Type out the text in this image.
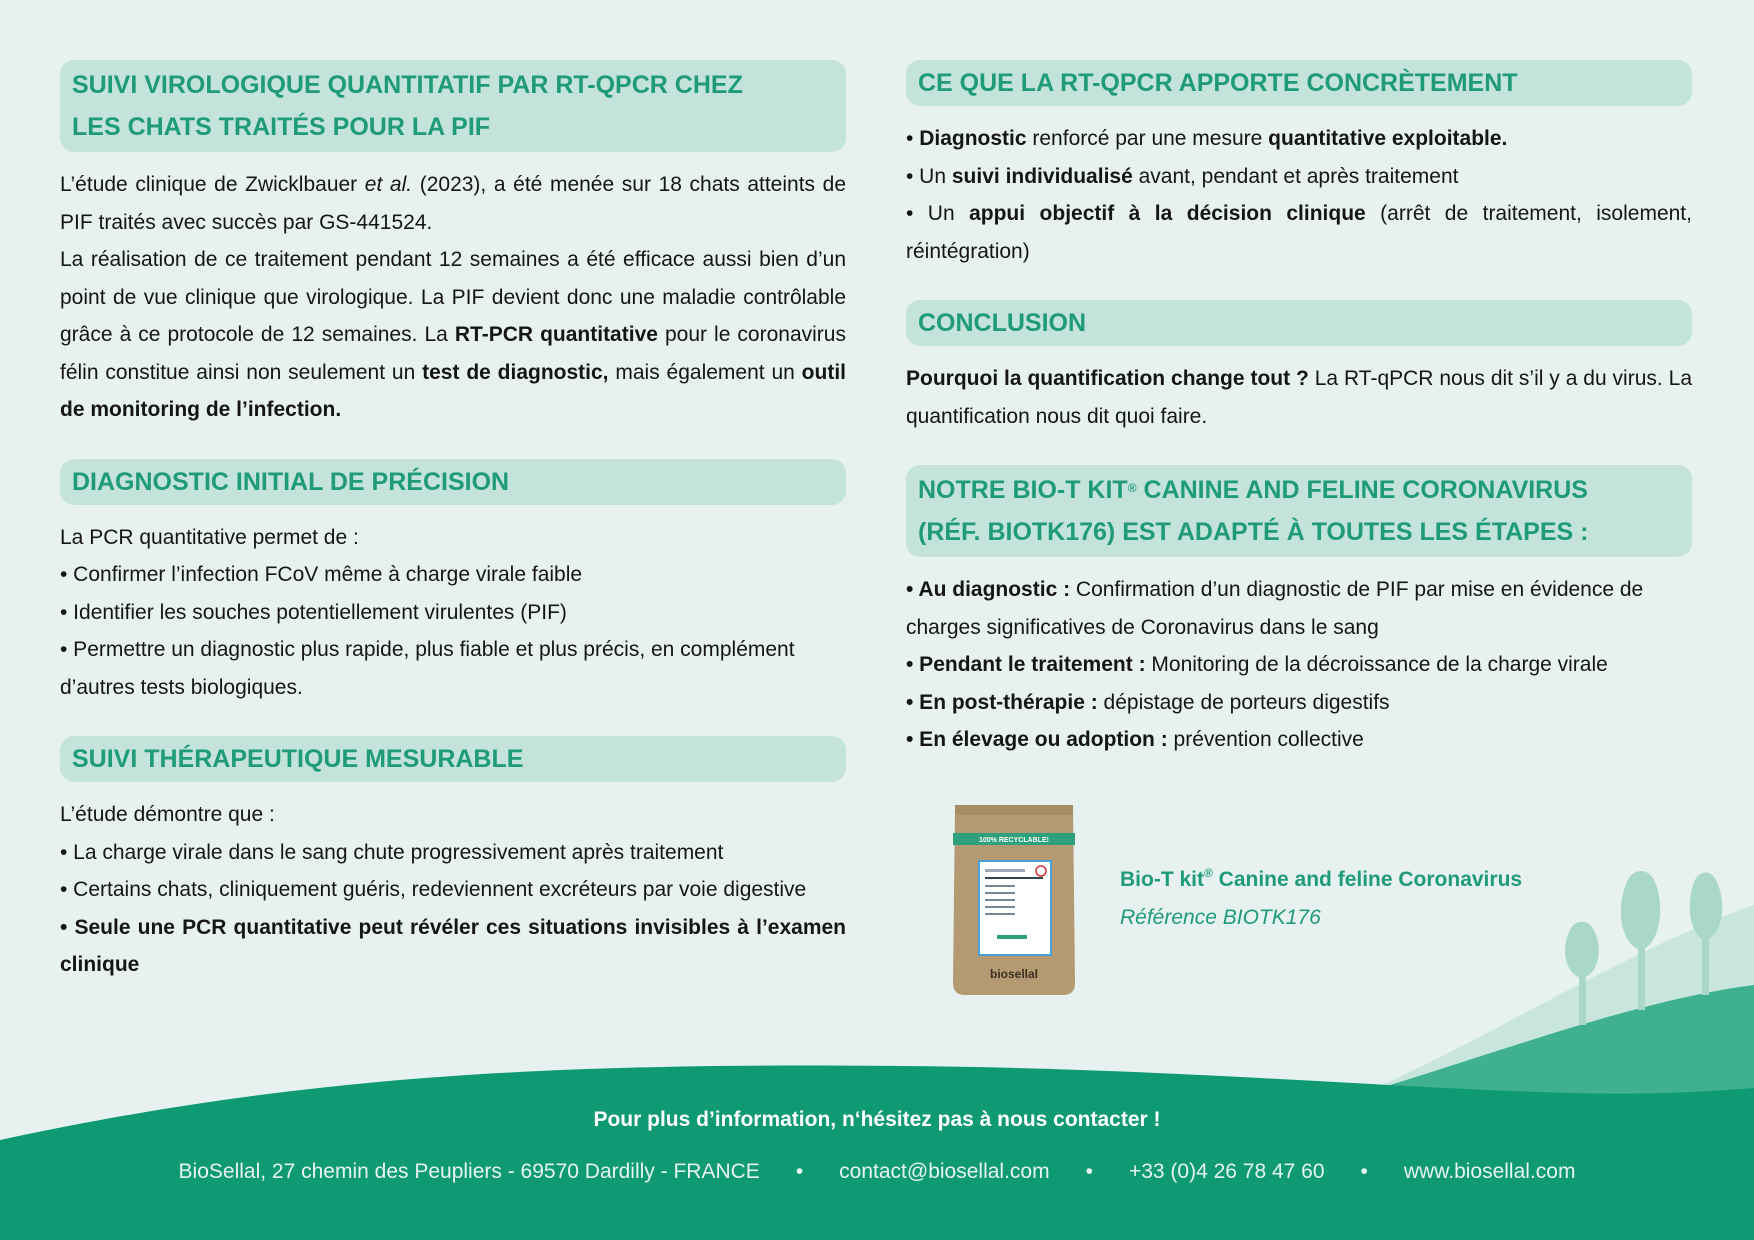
SUIVI VIROLOGIQUE QUANTITATIF PAR RT-QPCR CHEZ
LES CHATS TRAITÉS POUR LA PIF

L’étude clinique de Zwicklbauer et al. (2023), a été menée sur 18 chats atteints de PIF traités avec succès par GS-441524.

La réalisation de ce traitement pendant 12 semaines a été efficace aussi bien d’un point de vue clinique que virologique. La PIF devient donc une maladie contrôlable grâce à ce protocole de 12 semaines. La RT-PCR quantitative pour le coronavirus félin constitue ainsi non seulement un test de diagnostic, mais également un outil de monitoring de l’infection.

DIAGNOSTIC INITIAL DE PRÉCISION

La PCR quantitative permet de :

• Confirmer l’infection FCoV même à charge virale faible

• Identifier les souches potentiellement virulentes (PIF)

• Permettre un diagnostic plus rapide, plus fiable et plus précis, en complément d’autres tests biologiques.

SUIVI THÉRAPEUTIQUE MESURABLE

L’étude démontre que :

• La charge virale dans le sang chute progressivement après traitement

• Certains chats, cliniquement guéris, redeviennent excréteurs par voie digestive

• Seule une PCR quantitative peut révéler ces situations invisibles à l’examen clinique

CE QUE LA RT-QPCR APPORTE CONCRÈTEMENT

• Diagnostic renforcé par une mesure quantitative exploitable.

• Un suivi individualisé avant, pendant et après traitement

• Un appui objectif à la décision clinique (arrêt de traitement, isolement, réintégration)

CONCLUSION

Pourquoi la quantification change tout ? La RT-qPCR nous dit s’il y a du virus. La quantification nous dit quoi faire.

NOTRE BIO-T KIT® CANINE AND FELINE CORONAVIRUS
(RÉF. BIOTK176) EST ADAPTÉ À TOUTES LES ÉTAPES :

• Au diagnostic : Confirmation d’un diagnostic de PIF par mise en évidence de charges significatives de Coronavirus dans le sang

• Pendant le traitement : Monitoring de la décroissance de la charge virale

• En post-thérapie : dépistage de porteurs digestifs

• En élevage ou adoption : prévention collective

100% RECYCLABLE!
biosellal
Bio-T kit® Canine and feline Coronavirus
Référence BIOTK176
Pour plus d’information, n‘hésitez pas à nous contacter !
BioSellal, 27 chemin des Peupliers - 69570 Dardilly - FRANCE • contact@biosellal.com • +33 (0)4 26 78 47 60 • www.biosellal.com
